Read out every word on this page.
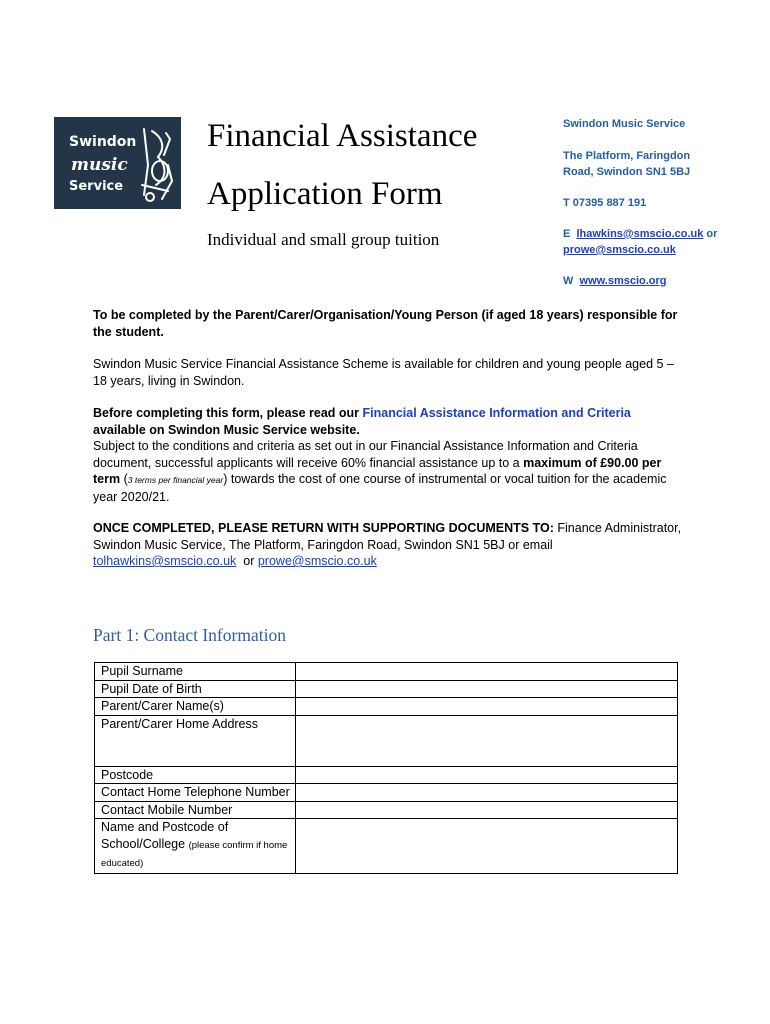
Swindon
music
Service
Financial Assistance
Application Form
Individual and small group tuition
Swindon Music Service
The Platform, Faringdon
Road, Swindon SN1 5BJ
T 07395 887 191
E lhawkins@smscio.co.uk or
prowe@smscio.co.uk
W www.smscio.org
To be completed by the Parent/Carer/Organisation/Young Person (if aged 18 years) responsible for the student.
Swindon Music Service Financial Assistance Scheme is available for children and young people aged 5 – 18 years, living in Swindon.
Before completing this form, please read our Financial Assistance Information and Criteria available on Swindon Music Service website.
Subject to the conditions and criteria as set out in our Financial Assistance Information and Criteria document, successful applicants will receive 60% financial assistance up to a maximum of £90.00 per term (3 terms per financial year) towards the cost of one course of instrumental or vocal tuition for the academic year 2020/21.
ONCE COMPLETED, PLEASE RETURN WITH SUPPORTING DOCUMENTS TO: Finance Administrator, Swindon Music Service, The Platform, Faringdon Road, Swindon SN1 5BJ or email
tolhawkins@smscio.co.uk or prowe@smscio.co.uk
Part 1: Contact Information
Pupil Surname	
Pupil Date of Birth	
Parent/Carer Name(s)	
Parent/Carer Home Address	
Postcode	
Contact Home Telephone Number	
Contact Mobile Number	
Name and Postcode of School/College (please confirm if home educated)	
